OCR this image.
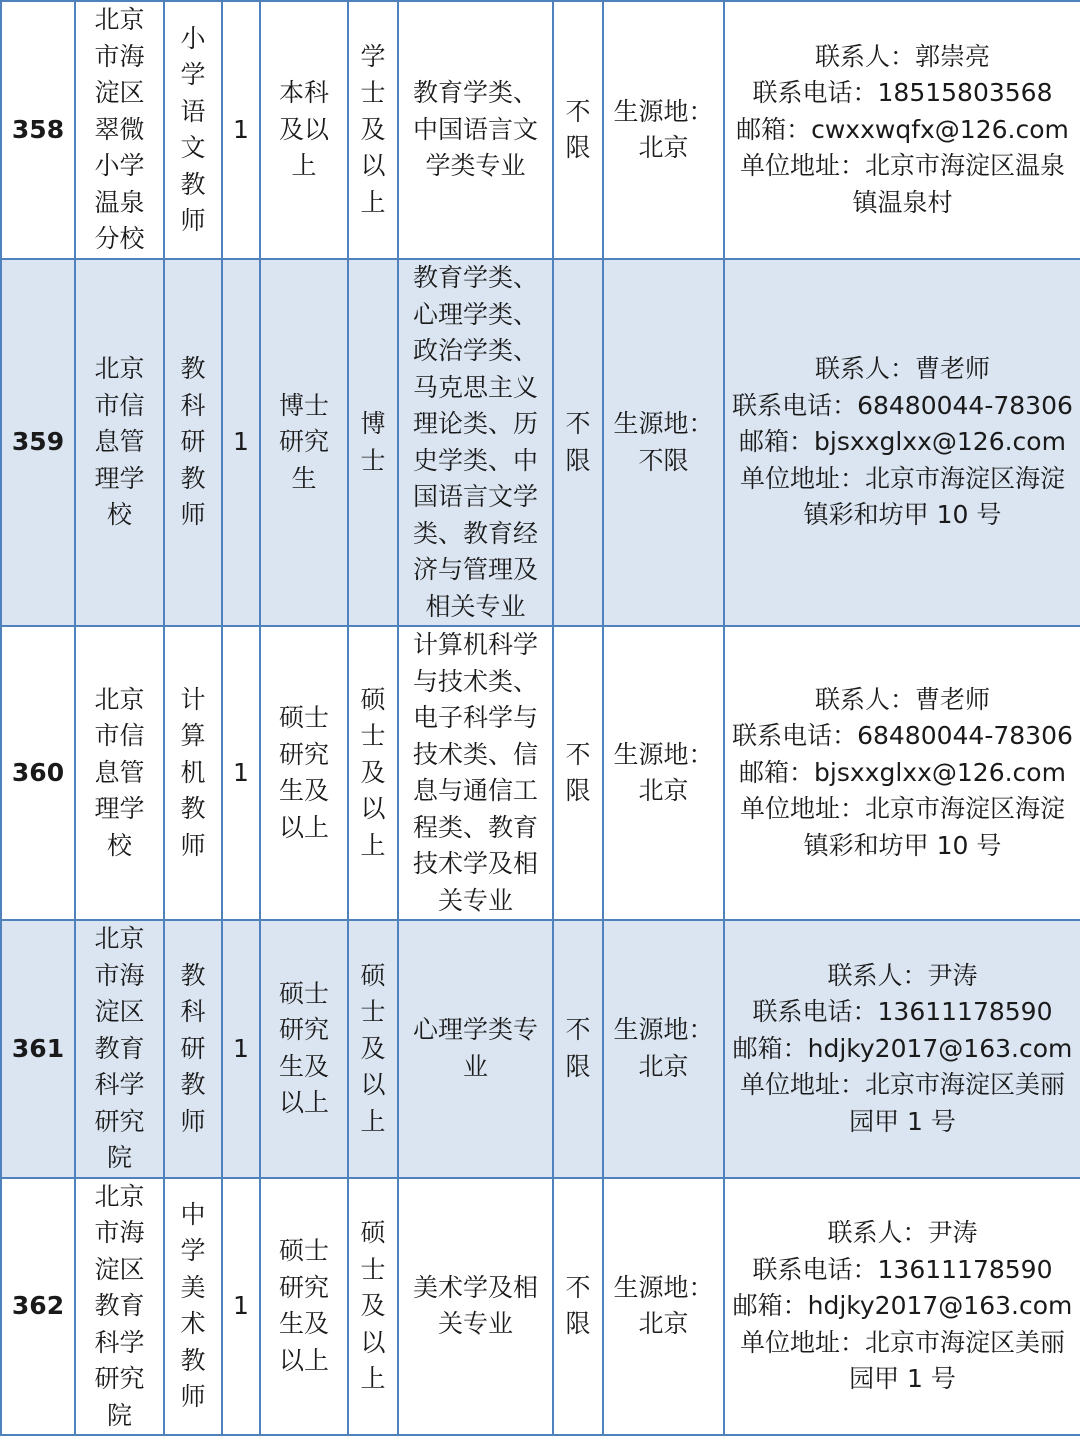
358	北京市海淀区翠微小学温泉分校	小学语文教师	1	本科及以上	学士及以上	教育学类、中国语言文学类专业	不限	生源地：北京	联系人：郭崇亮
联系电话：18515803568
邮箱：cwxxwqfx@126.com
单位地址：北京市海淀区温泉
镇温泉村

359	北京市信息管理学校	教科研教师	1	博士研究生	博士	教育学类、心理学类、政治学类、马克思主义理论类、历史学类、中国语言文学类、教育经济与管理及相关专业	不限	生源地：不限	联系人：曹老师
联系电话：68480044-78306
邮箱：bjsxxglxx@126.com
单位地址：北京市海淀区海淀
镇彩和坊甲 10 号

360	北京市信息管理学校	计算机教师	1	硕士研究生及以上	硕士及以上	计算机科学与技术类、电子科学与技术类、信息与通信工程类、教育技术学及相关专业	不限	生源地：北京	联系人：曹老师
联系电话：68480044-78306
邮箱：bjsxxglxx@126.com
单位地址：北京市海淀区海淀
镇彩和坊甲 10 号

361	北京市海淀区教育科学研究院	教科研教师	1	硕士研究生及以上	硕士及以上	心理学类专业	不限	生源地：北京	联系人：尹涛
联系电话：13611178590
邮箱：hdjky2017@163.com
单位地址：北京市海淀区美丽
园甲 1 号

362	北京市海淀区教育科学研究院	中学美术教师	1	硕士研究生及以上	硕士及以上	美术学及相关专业	不限	生源地：北京	联系人：尹涛
联系电话：13611178590
邮箱：hdjky2017@163.com
单位地址：北京市海淀区美丽
园甲 1 号
